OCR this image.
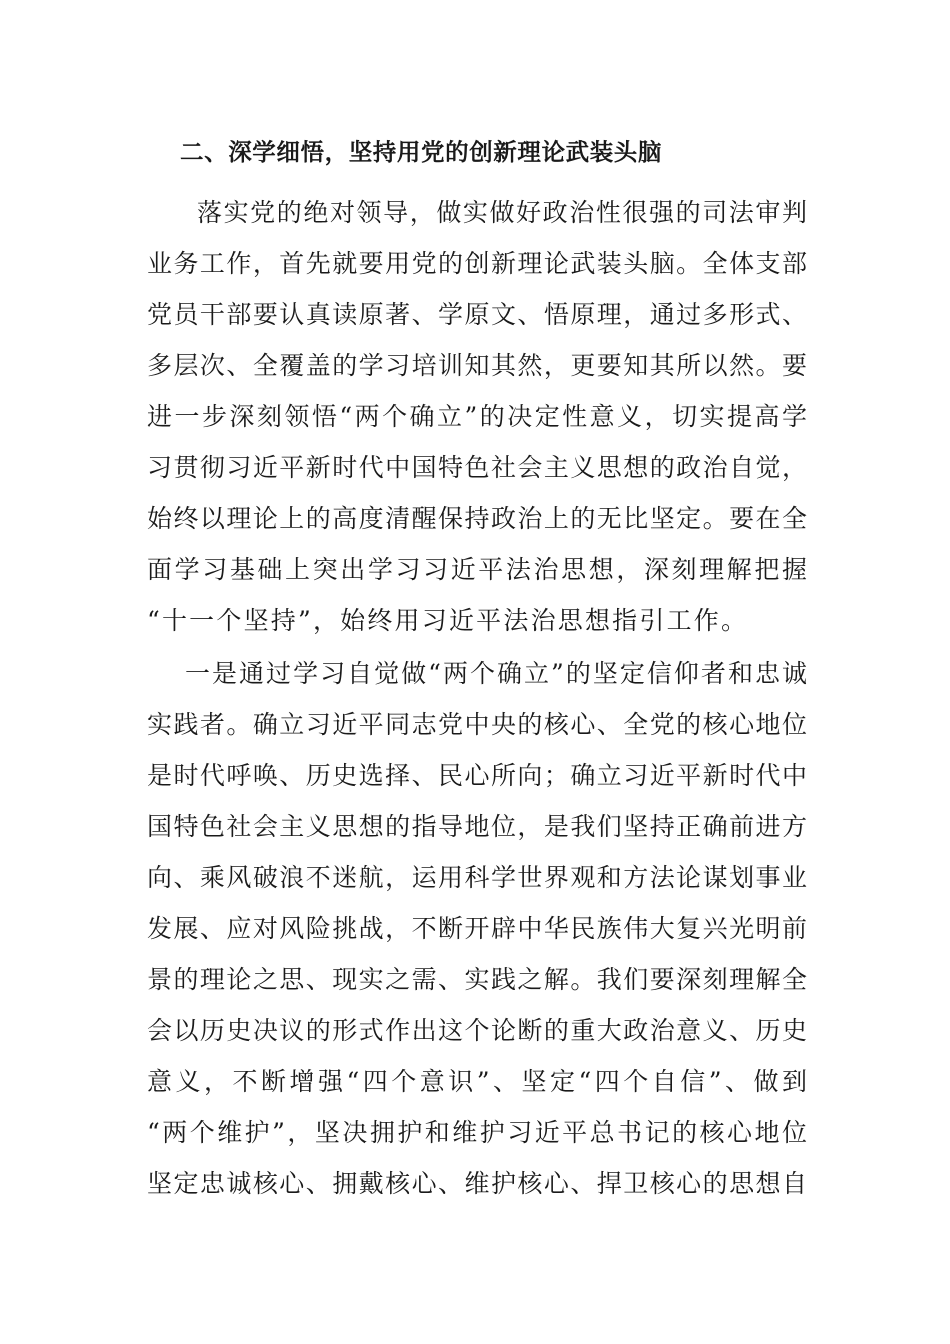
二、深学细悟，坚持用党的创新理论武装头脑
落实党的绝对领导，做实做好政治性很强的司法审判
业务工作，首先就要用党的创新理论武装头脑。全体支部
党员干部要认真读原著、学原文、悟原理，通过多形式、
多层次、全覆盖的学习培训知其然，更要知其所以然。要
进一步深刻领悟“两个确立”的决定性意义，切实提高学
习贯彻习近平新时代中国特色社会主义思想的政治自觉，
始终以理论上的高度清醒保持政治上的无比坚定。要在全
面学习基础上突出学习习近平法治思想，深刻理解把握
“十一个坚持”，始终用习近平法治思想指引工作。
一是通过学习自觉做“两个确立”的坚定信仰者和忠诚
实践者。确立习近平同志党中央的核心、全党的核心地位
是时代呼唤、历史选择、民心所向；确立习近平新时代中
国特色社会主义思想的指导地位，是我们坚持正确前进方
向、乘风破浪不迷航，运用科学世界观和方法论谋划事业
发展、应对风险挑战，不断开辟中华民族伟大复兴光明前
景的理论之思、现实之需、实践之解。我们要深刻理解全
会以历史决议的形式作出这个论断的重大政治意义、历史
意义，不断增强“四个意识”、坚定“四个自信”、做到
“两个维护”，坚决拥护和维护习近平总书记的核心地位
坚定忠诚核心、拥戴核心、维护核心、捍卫核心的思想自
